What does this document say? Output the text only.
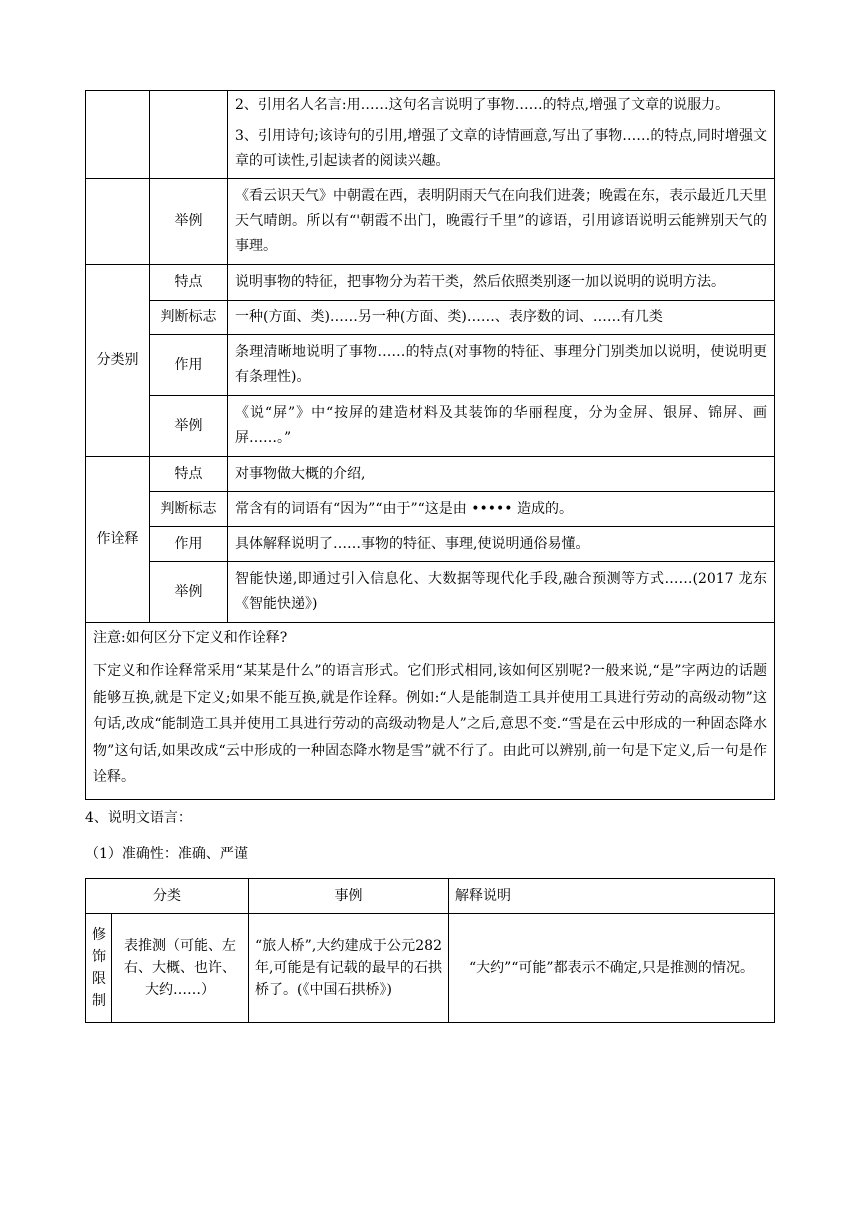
		2、引用名人名言:用……这句名言说明了事物……的特点,增强了文章的说服力。

3、引用诗句;该诗句的引用,增强了文章的诗情画意,写出了事物……的特点,同时增强文章的可读性,引起读者的阅读兴趣。

	举例	《看云识天气》中朝霞在西，表明阴雨天气在向我们进袭；晚霞在东，表示最近几天里天气晴朗。所以有“'朝霞不出门，晚霞行千里”的谚语，引用谚语说明云能辨别天气的事理。
分类别	特点	说明事物的特征，把事物分为若干类，然后依照类别逐一加以说明的说明方法。
	判断标志	一种(方面、类)……另一种(方面、类)……、表序数的词、……有几类
	作用	条理清晰地说明了事物……的特点(对事物的特征、事理分门别类加以说明，使说明更有条理性)。
	举例	《说“屏”》中“按屏的建造材料及其装饰的华丽程度，分为金屏、银屏、锦屏、画屏……。”
作诠释	特点	对事物做大概的介绍,
	判断标志	常含有的词语有“因为”“由于”“这是由 ••••• 造成的。
	作用	具体解释说明了……事物的特征、事理,使说明通俗易懂。
	举例	智能快递,即通过引入信息化、大数据等现代化手段,融合预测等方式……(2017 龙东《智能快递》)

注意:如何区分下定义和作诠释?
下定义和作诠释常采用“某某是什么”的语言形式。它们形式相同,该如何区别呢?一般来说,“是”字两边的话题能够互换,就是下定义;如果不能互换,就是作诠释。例如:“人是能制造工具并使用工具进行劳动的高级动物”这句话,改成“能制造工具并使用工具进行劳动的高级动物是人”之后,意思不变.“雪是在云中形成的一种固态降水物”这句话,如果改成“云中形成的一种固态降水物是雪”就不行了。由此可以辨别,前一句是下定义,后一句是作诠释。		

4、说明文语言：

（1）准确性：准确、严谨

分类		事例	解释说明
修饰限制	表推测（可能、左右、大概、也许、大约……）	“旅人桥”,大约建成于公元282年,可能是有记载的最早的石拱桥了。(《中国石拱桥》)	“大约”“可能”都表示不确定,只是推测的情况。
